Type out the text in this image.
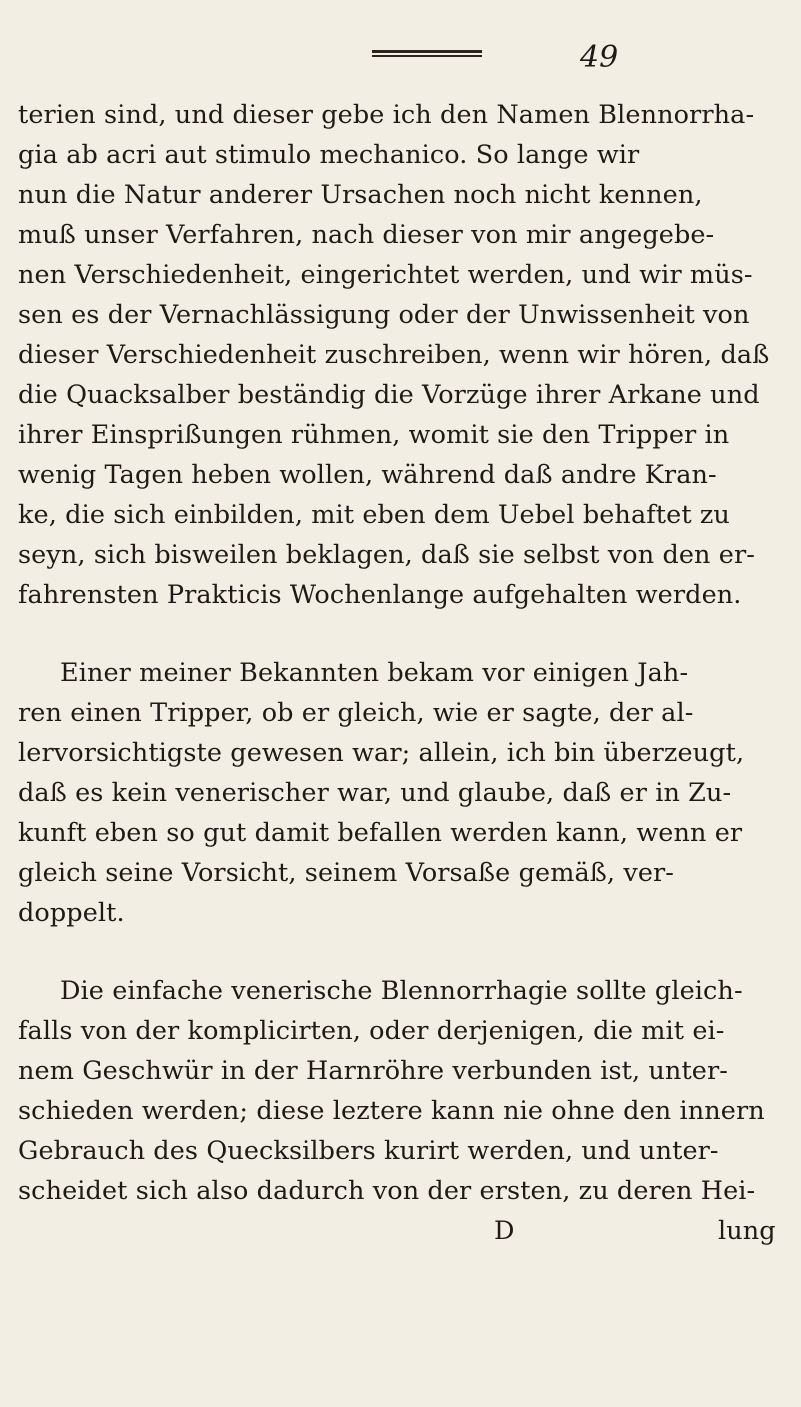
49
terien sind, und dieser gebe ich den Namen Blennorrha-
gia ab acri aut stimulo mechanico. So lange wir
nun die Natur anderer Ursachen noch nicht kennen,
muß unser Verfahren, nach dieser von mir angegebe-
nen Verschiedenheit, eingerichtet werden, und wir müs-
sen es der Vernachlässigung oder der Unwissenheit von
dieser Verschiedenheit zuschreiben, wenn wir hören, daß
die Quacksalber beständig die Vorzüge ihrer Arkane und
ihrer Einsprißungen rühmen, womit sie den Tripper in
wenig Tagen heben wollen, während daß andre Kran-
ke, die sich einbilden, mit eben dem Uebel behaftet zu
seyn, sich bisweilen beklagen, daß sie selbst von den er-
fahrensten Prakticis Wochenlange aufgehalten werden.
Einer meiner Bekannten bekam vor einigen Jah-
ren einen Tripper, ob er gleich, wie er sagte, der al-
lervorsichtigste gewesen war; allein, ich bin überzeugt,
daß es kein venerischer war, und glaube, daß er in Zu-
kunft eben so gut damit befallen werden kann, wenn er
gleich seine Vorsicht, seinem Vorsaße gemäß, ver-
doppelt.
Die einfache venerische Blennorrhagie sollte gleich-
falls von der komplicirten, oder derjenigen, die mit ei-
nem Geschwür in der Harnröhre verbunden ist, unter-
schieden werden; diese leztere kann nie ohne den innern
Gebrauch des Quecksilbers kurirt werden, und unter-
scheidet sich also dadurch von der ersten, zu deren Hei-
D	lung
